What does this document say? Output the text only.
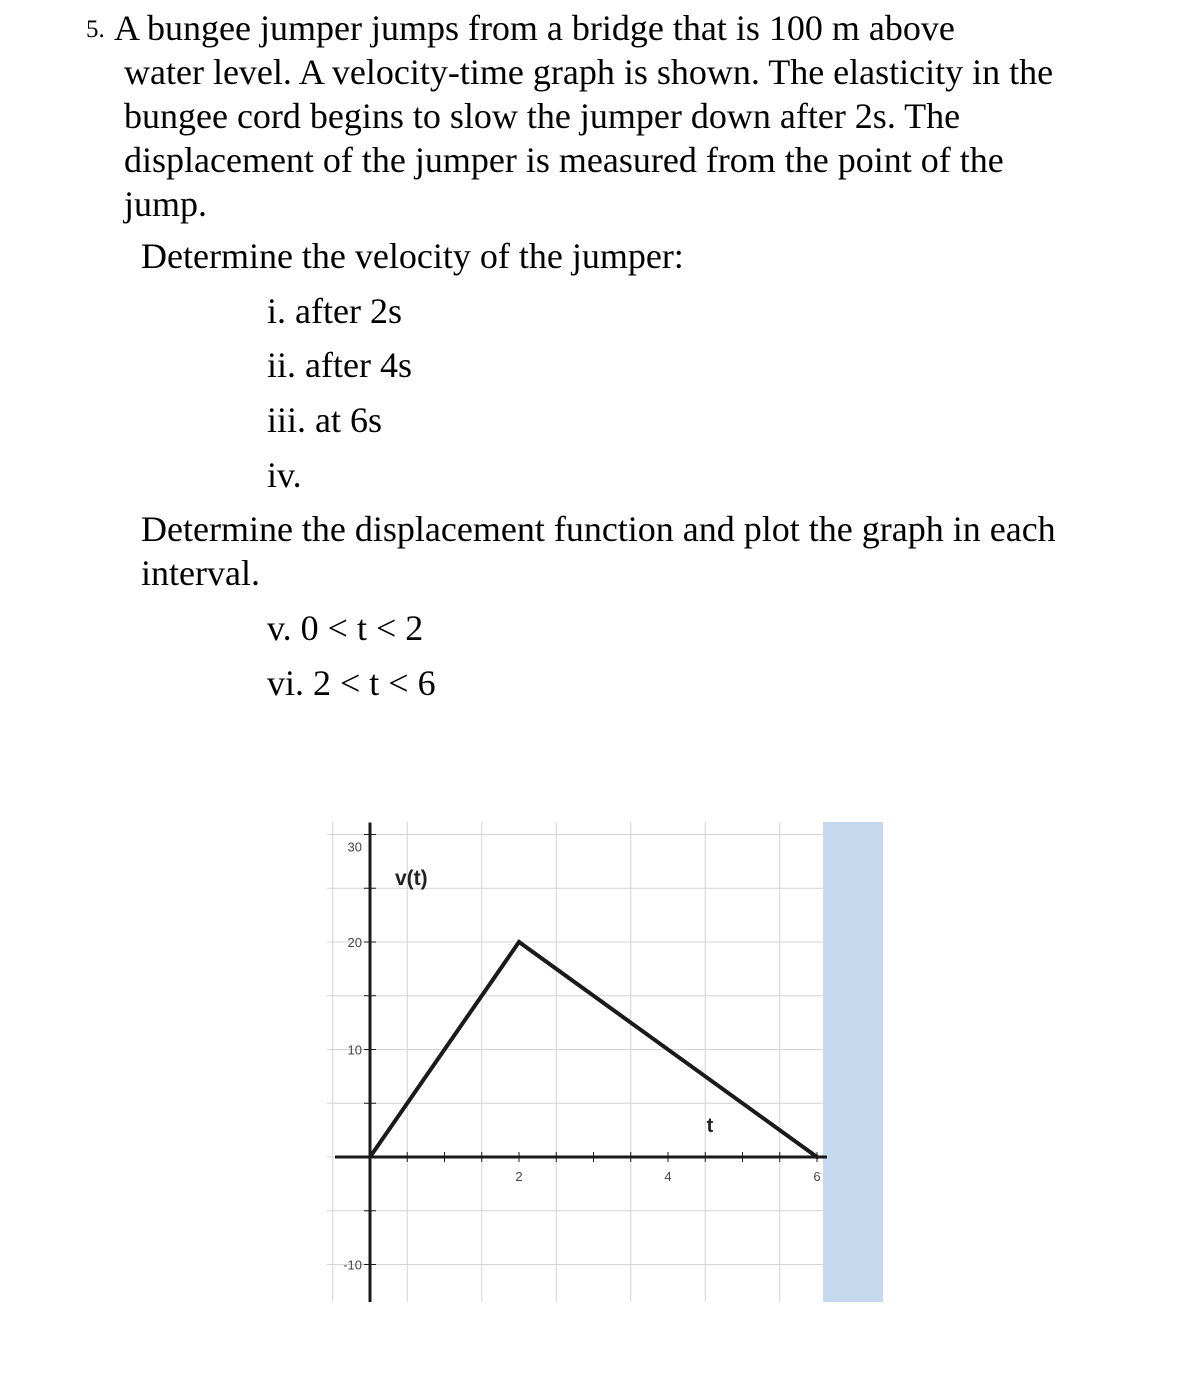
5. A bungee jumper jumps from a bridge that is 100 m above
water level. A velocity-time graph is shown. The elasticity in the bungee cord begins to slow the jumper down after 2s. The displacement of the jumper is measured from the point of the jump.
Determine the velocity of the jumper:
i. after 2s
ii. after 4s
iii. at 6s
iv.
Determine the displacement function and plot the graph in each interval.
v. 0 < t < 2
vi. 2 < t < 6
2	4	6
30
20
10
-10
v(t)
t
